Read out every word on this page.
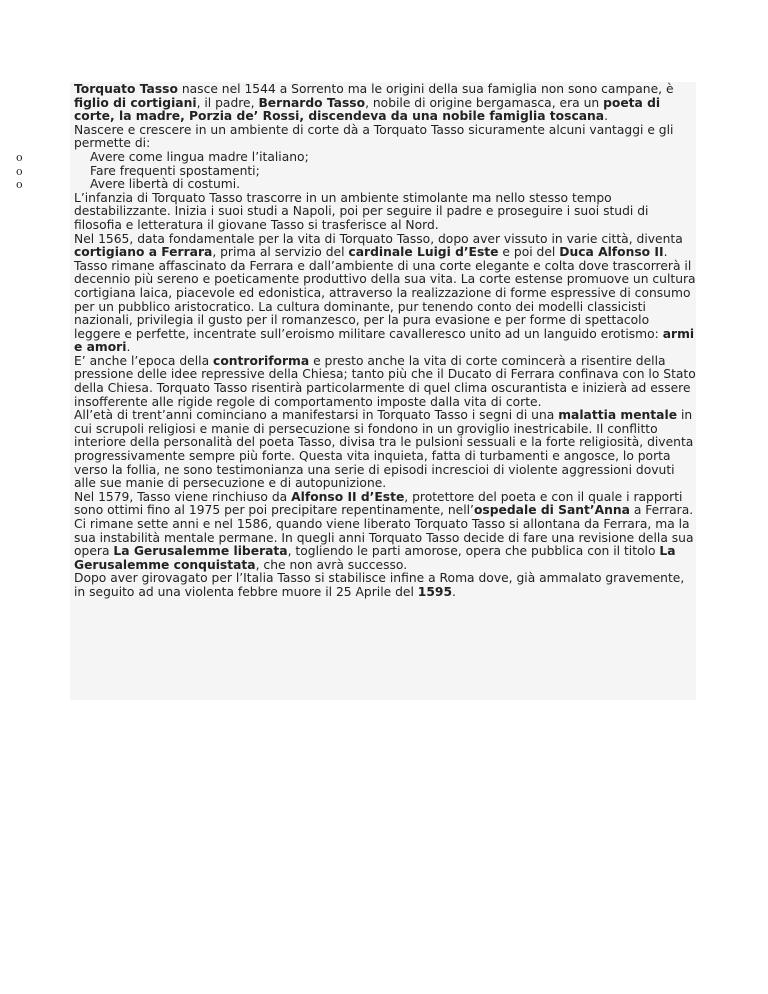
Torquato Tasso nasce nel 1544 a Sorrento ma le origini della sua famiglia non sono campane, è figlio di cortigiani, il padre, Bernardo Tasso, nobile di origine bergamasca, era un poeta di corte, la madre, Porzia de’ Rossi, discendeva da una nobile famiglia toscana.

Nascere e crescere in un ambiente di corte dà a Torquato Tasso sicuramente alcuni vantaggi e gli permette di:

o	Avere come lingua madre l’italiano;
o	Fare frequenti spostamenti;
o	Avere libertà di costumi.

L’infanzia di Torquato Tasso trascorre in un ambiente stimolante ma nello stesso tempo destabilizzante. Inizia i suoi studi a Napoli, poi per seguire il padre e proseguire i suoi studi di filosofia e letteratura il giovane Tasso si trasferisce al Nord.

Nel 1565, data fondamentale per la vita di Torquato Tasso, dopo aver vissuto in varie città, diventa cortigiano a Ferrara, prima al servizio del cardinale Luigi d’Este e poi del Duca Alfonso II.

Tasso rimane affascinato da Ferrara e dall’ambiente di una corte elegante e colta dove trascorrerà il decennio più sereno e poeticamente produttivo della sua vita. La corte estense promuove un cultura cortigiana laica, piacevole ed edonistica, attraverso la realizzazione di forme espressive di consumo per un pubblico aristocratico. La cultura dominante, pur tenendo conto dei modelli classicisti nazionali, privilegia il gusto per il romanzesco, per la pura evasione e per forme di spettacolo leggere e perfette, incentrate sull’eroismo militare cavalleresco unito ad un languido erotismo: armi e amori.

E’ anche l’epoca della controriforma e presto anche la vita di corte comincerà a risentire della pressione delle idee repressive della Chiesa; tanto più che il Ducato di Ferrara confinava con lo Stato della Chiesa. Torquato Tasso risentirà particolarmente di quel clima oscurantista e inizierà ad essere insofferente alle rigide regole di comportamento imposte dalla vita di corte.

All’età di trent’anni cominciano a manifestarsi in Torquato Tasso i segni di una malattia mentale in cui scrupoli religiosi e manie di persecuzione si fondono in un groviglio inestricabile. Il conflitto interiore della personalità del poeta Tasso, divisa tra le pulsioni sessuali e la forte religiosità, diventa progressivamente sempre più forte. Questa vita inquieta, fatta di turbamenti e angosce, lo porta verso la follia, ne sono testimonianza una serie di episodi increscioi di violente aggressioni dovuti alle sue manie di persecuzione e di autopunizione.

Nel 1579, Tasso viene rinchiuso da Alfonso II d’Este, protettore del poeta e con il quale i rapporti sono ottimi fino al 1975 per poi precipitare repentinamente, nell’ospedale di Sant’Anna a Ferrara. Ci rimane sette anni e nel 1586, quando viene liberato Torquato Tasso si allontana da Ferrara, ma la sua instabilità mentale permane. In quegli anni Torquato Tasso decide di fare una revisione della sua opera La Gerusalemme liberata, togliendo le parti amorose, opera che pubblica con il titolo La Gerusalemme conquistata, che non avrà successo.

Dopo aver girovagato per l’Italia Tasso si stabilisce infine a Roma dove, già ammalato gravemente, in seguito ad una violenta febbre muore il 25 Aprile del 1595.
